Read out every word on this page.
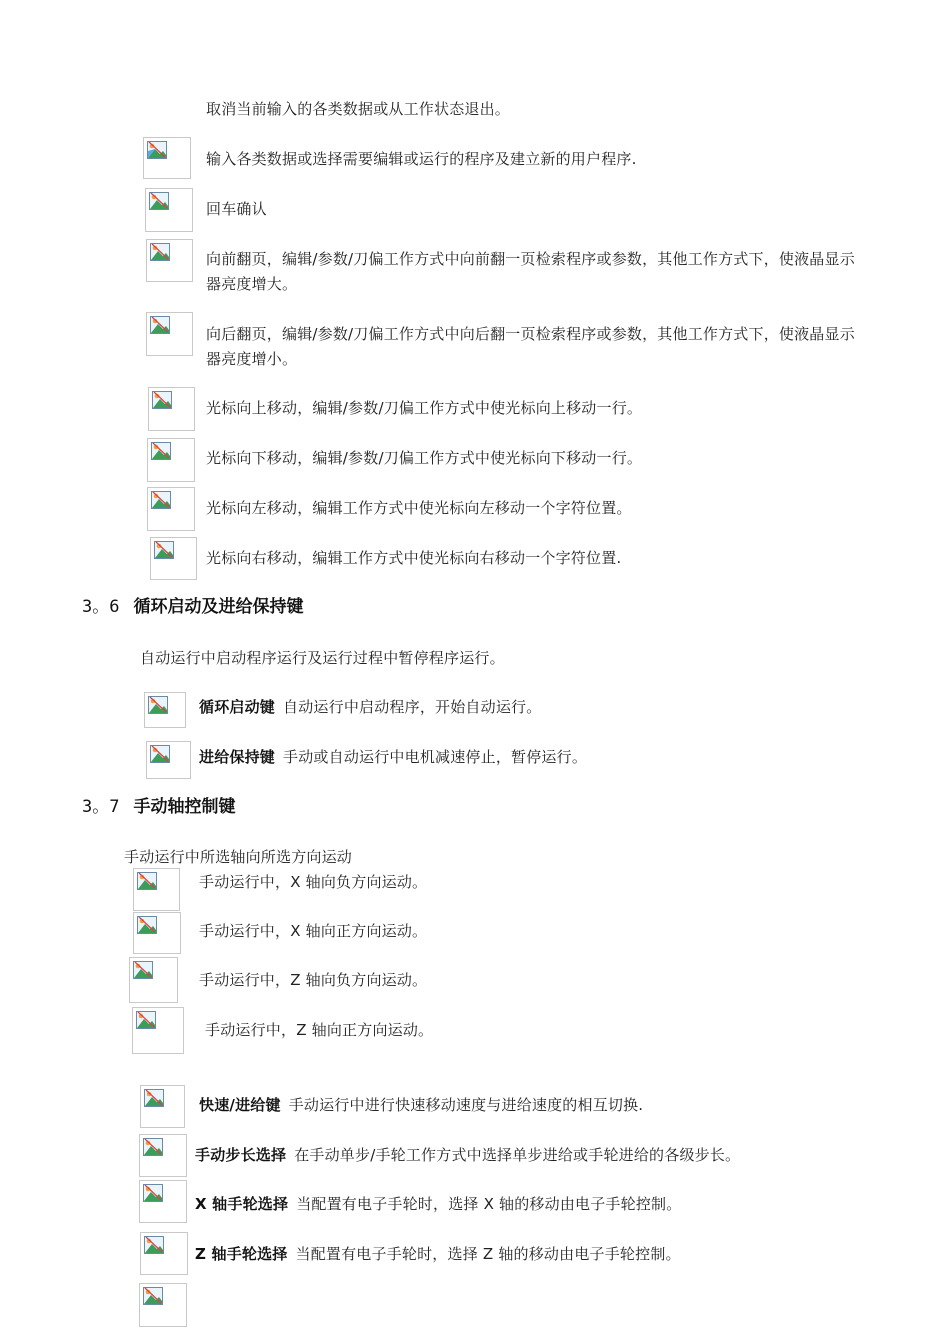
取消当前输入的各类数据或从工作状态退出。
输入各类数据或选择需要编辑或运行的程序及建立新的用户程序.
回车确认
向前翻页，编辑/参数/刀偏工作方式中向前翻一页检索程序或参数，其他工作方式下，使液晶显示器亮度增大。
向后翻页，编辑/参数/刀偏工作方式中向后翻一页检索程序或参数，其他工作方式下，使液晶显示器亮度增小。
光标向上移动，编辑/参数/刀偏工作方式中使光标向上移动一行。
光标向下移动，编辑/参数/刀偏工作方式中使光标向下移动一行。
光标向左移动，编辑工作方式中使光标向左移动一个字符位置。
光标向右移动，编辑工作方式中使光标向右移动一个字符位置.
3。6 循环启动及进给保持键
自动运行中启动程序运行及运行过程中暂停程序运行。
循环启动键 自动运行中启动程序，开始自动运行。
进给保持键 手动或自动运行中电机减速停止，暂停运行。
3。7 手动轴控制键
手动运行中所选轴向所选方向运动
手动运行中，X 轴向负方向运动。
手动运行中，X 轴向正方向运动。
手动运行中，Z 轴向负方向运动。
手动运行中，Z 轴向正方向运动。
快速/进给键 手动运行中进行快速移动速度与进给速度的相互切换.
手动步长选择 在手动单步/手轮工作方式中选择单步进给或手轮进给的各级步长。
X 轴手轮选择 当配置有电子手轮时，选择 X 轴的移动由电子手轮控制。
Z 轴手轮选择 当配置有电子手轮时，选择 Z 轴的移动由电子手轮控制。
